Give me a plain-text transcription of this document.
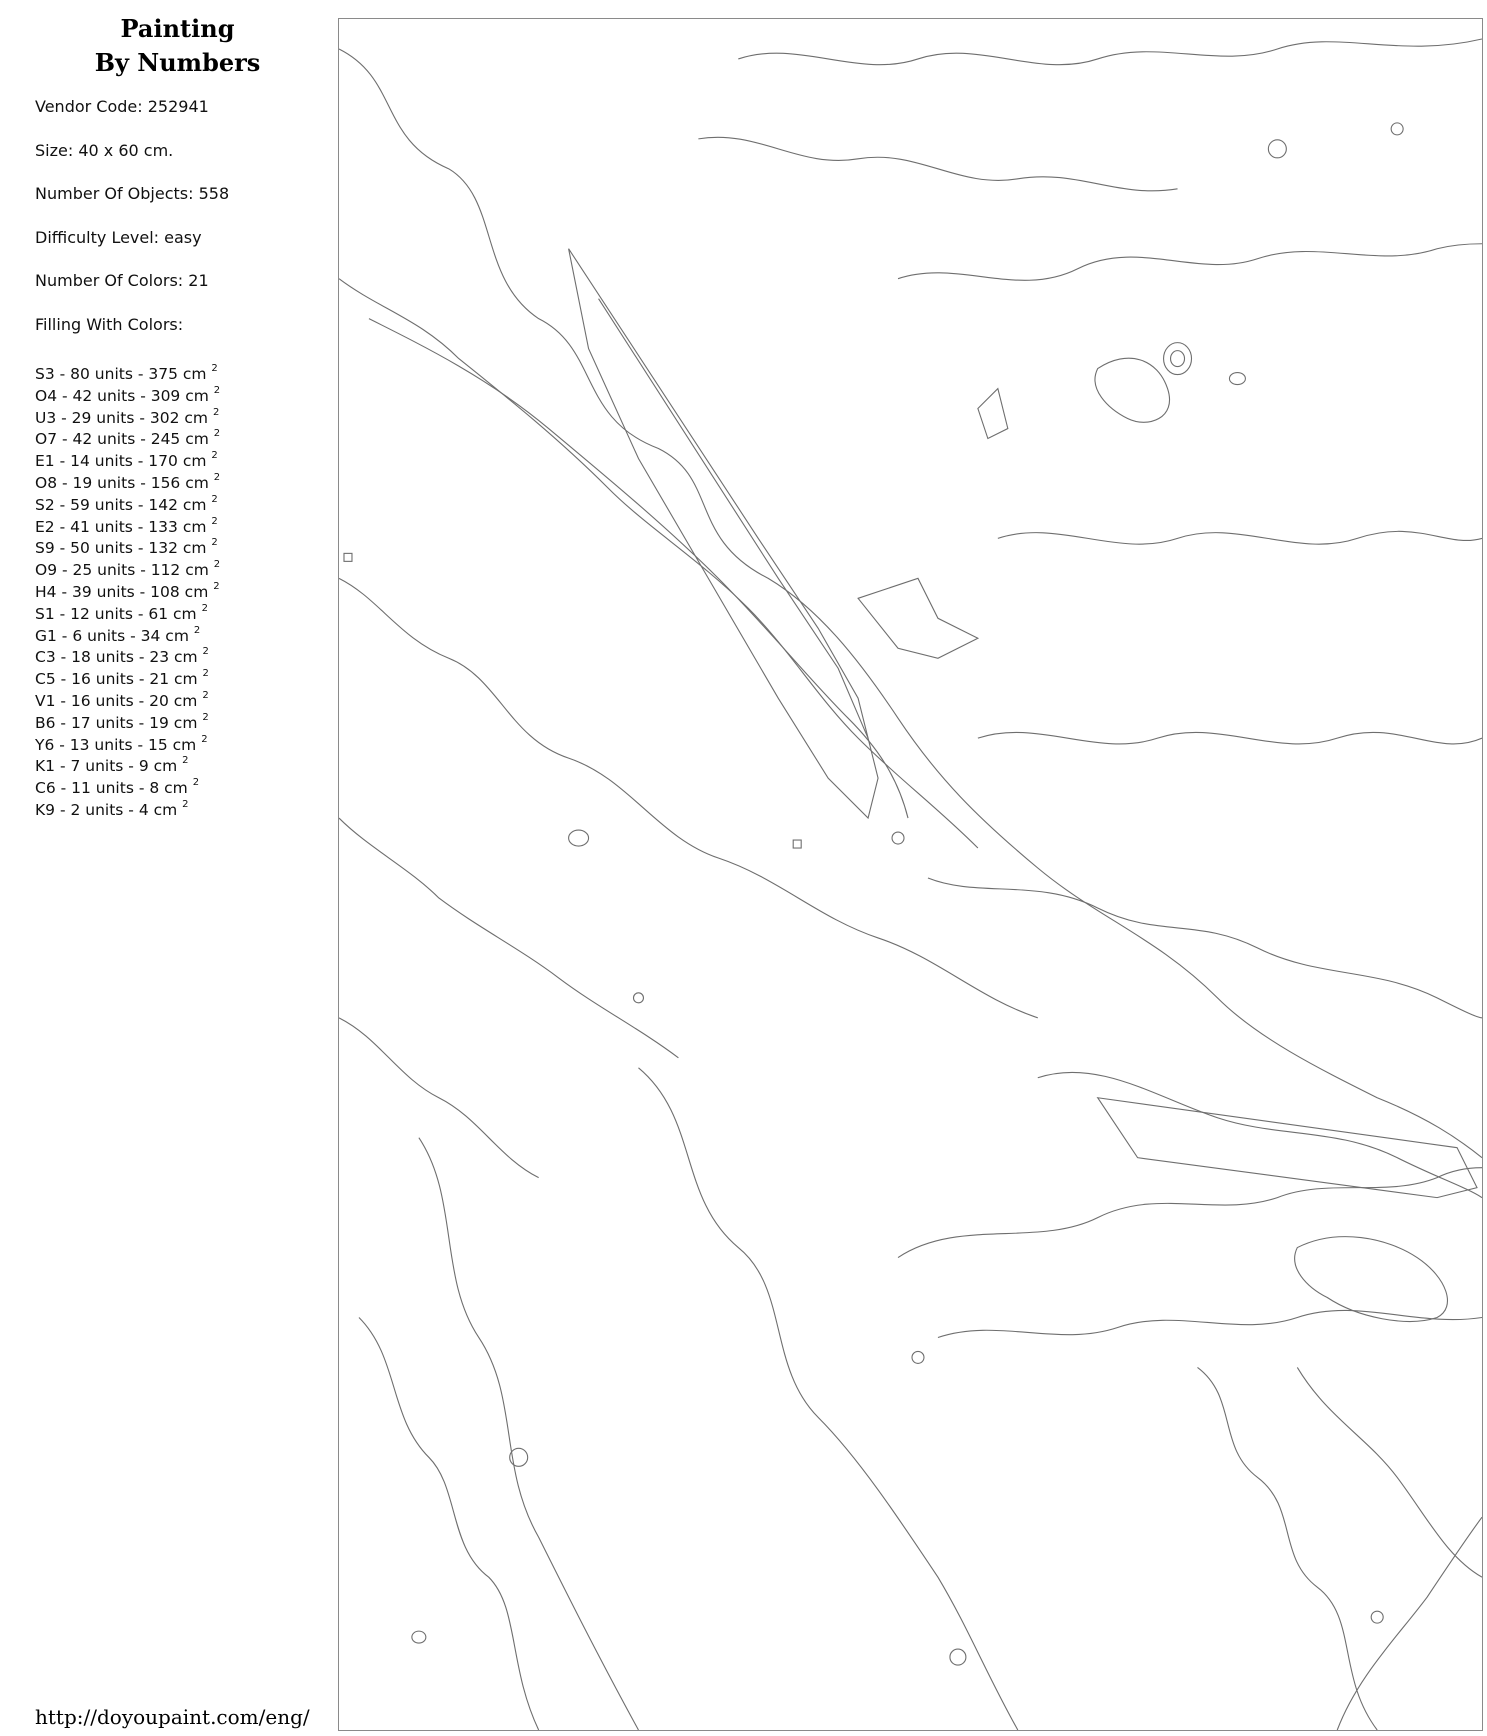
Painting
By Numbers
Vendor Code: 252941
Size: 40 x 60 cm.
Number Of Objects: 558
Difficulty Level: easy
Number Of Colors: 21
Filling With Colors:
S3 - 80 units - 375 cm $^2$
O4 - 42 units - 309 cm $^2$
U3 - 29 units - 302 cm $^2$
O7 - 42 units - 245 cm $^2$
E1 - 14 units - 170 cm $^2$
O8 - 19 units - 156 cm $^2$
S2 - 59 units - 142 cm $^2$
E2 - 41 units - 133 cm $^2$
S9 - 50 units - 132 cm $^2$
O9 - 25 units - 112 cm $^2$
H4 - 39 units - 108 cm $^2$
S1 - 12 units - 61 cm $^2$
G1 - 6 units - 34 cm $^2$
C3 - 18 units - 23 cm $^2$
C5 - 16 units - 21 cm $^2$
V1 - 16 units - 20 cm $^2$
B6 - 17 units - 19 cm $^2$
Y6 - 13 units - 15 cm $^2$
K1 - 7 units - 9 cm $^2$
C6 - 11 units - 8 cm $^2$
K9 - 2 units - 4 cm $^2$
http://doyoupaint.com/eng/
